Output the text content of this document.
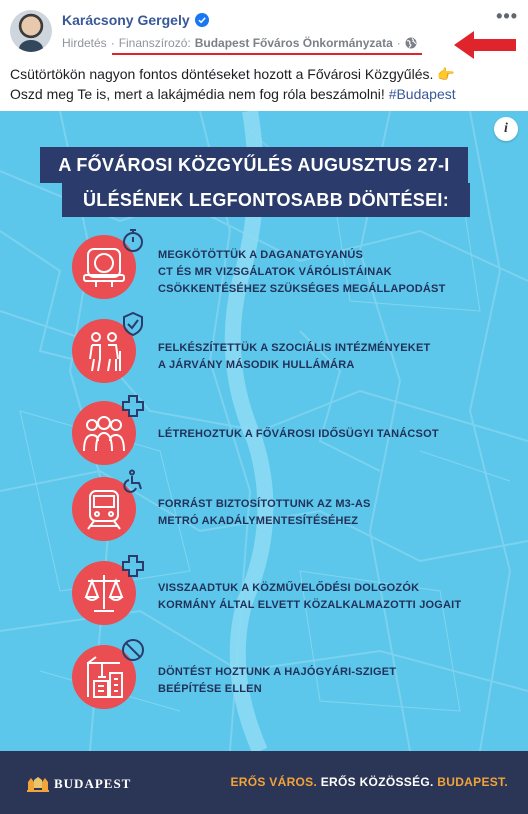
Karácsony Gergely
Hirdetés · Finanszírozó: Budapest Főváros Önkormányzata ·
•••
Csütörtökön nagyon fontos döntéseket hozott a Fővárosi Közgyűlés. 👉
Oszd meg Te is, mert a lakájmédia nem fog róla beszámolni! #Budapest
i
A FŐVÁROSI KÖZGYŰLÉS AUGUSZTUS 27-I
ÜLÉSÉNEK LEGFONTOSABB DÖNTÉSEI:
MEGKÖTÖTTÜK A DAGANATGYANÚS
CT ÉS MR VIZSGÁLATOK VÁRÓLISTÁINAK
CSÖKKENTÉSÉHEZ SZÜKSÉGES MEGÁLLAPODÁST
FELKÉSZÍTETTÜK A SZOCIÁLIS INTÉZMÉNYEKET
A JÁRVÁNY MÁSODIK HULLÁMÁRA
LÉTREHOZTUK A FŐVÁROSI IDŐSÜGYI TANÁCSOT
FORRÁST BIZTOSÍTOTTUNK AZ M3-AS
METRÓ AKADÁLYMENTESÍTÉSÉHEZ
VISSZAADTUK A KÖZMŰVELŐDÉSI DOLGOZÓK
KORMÁNY ÁLTAL ELVETT KÖZALKALMAZOTTI JOGAIT
DÖNTÉST HOZTUNK A HAJÓGYÁRI-SZIGET
BEÉPÍTÉSE ELLEN
BUDAPEST	ERŐS VÁROS. ERŐS KÖZÖSSÉG. BUDAPEST.
